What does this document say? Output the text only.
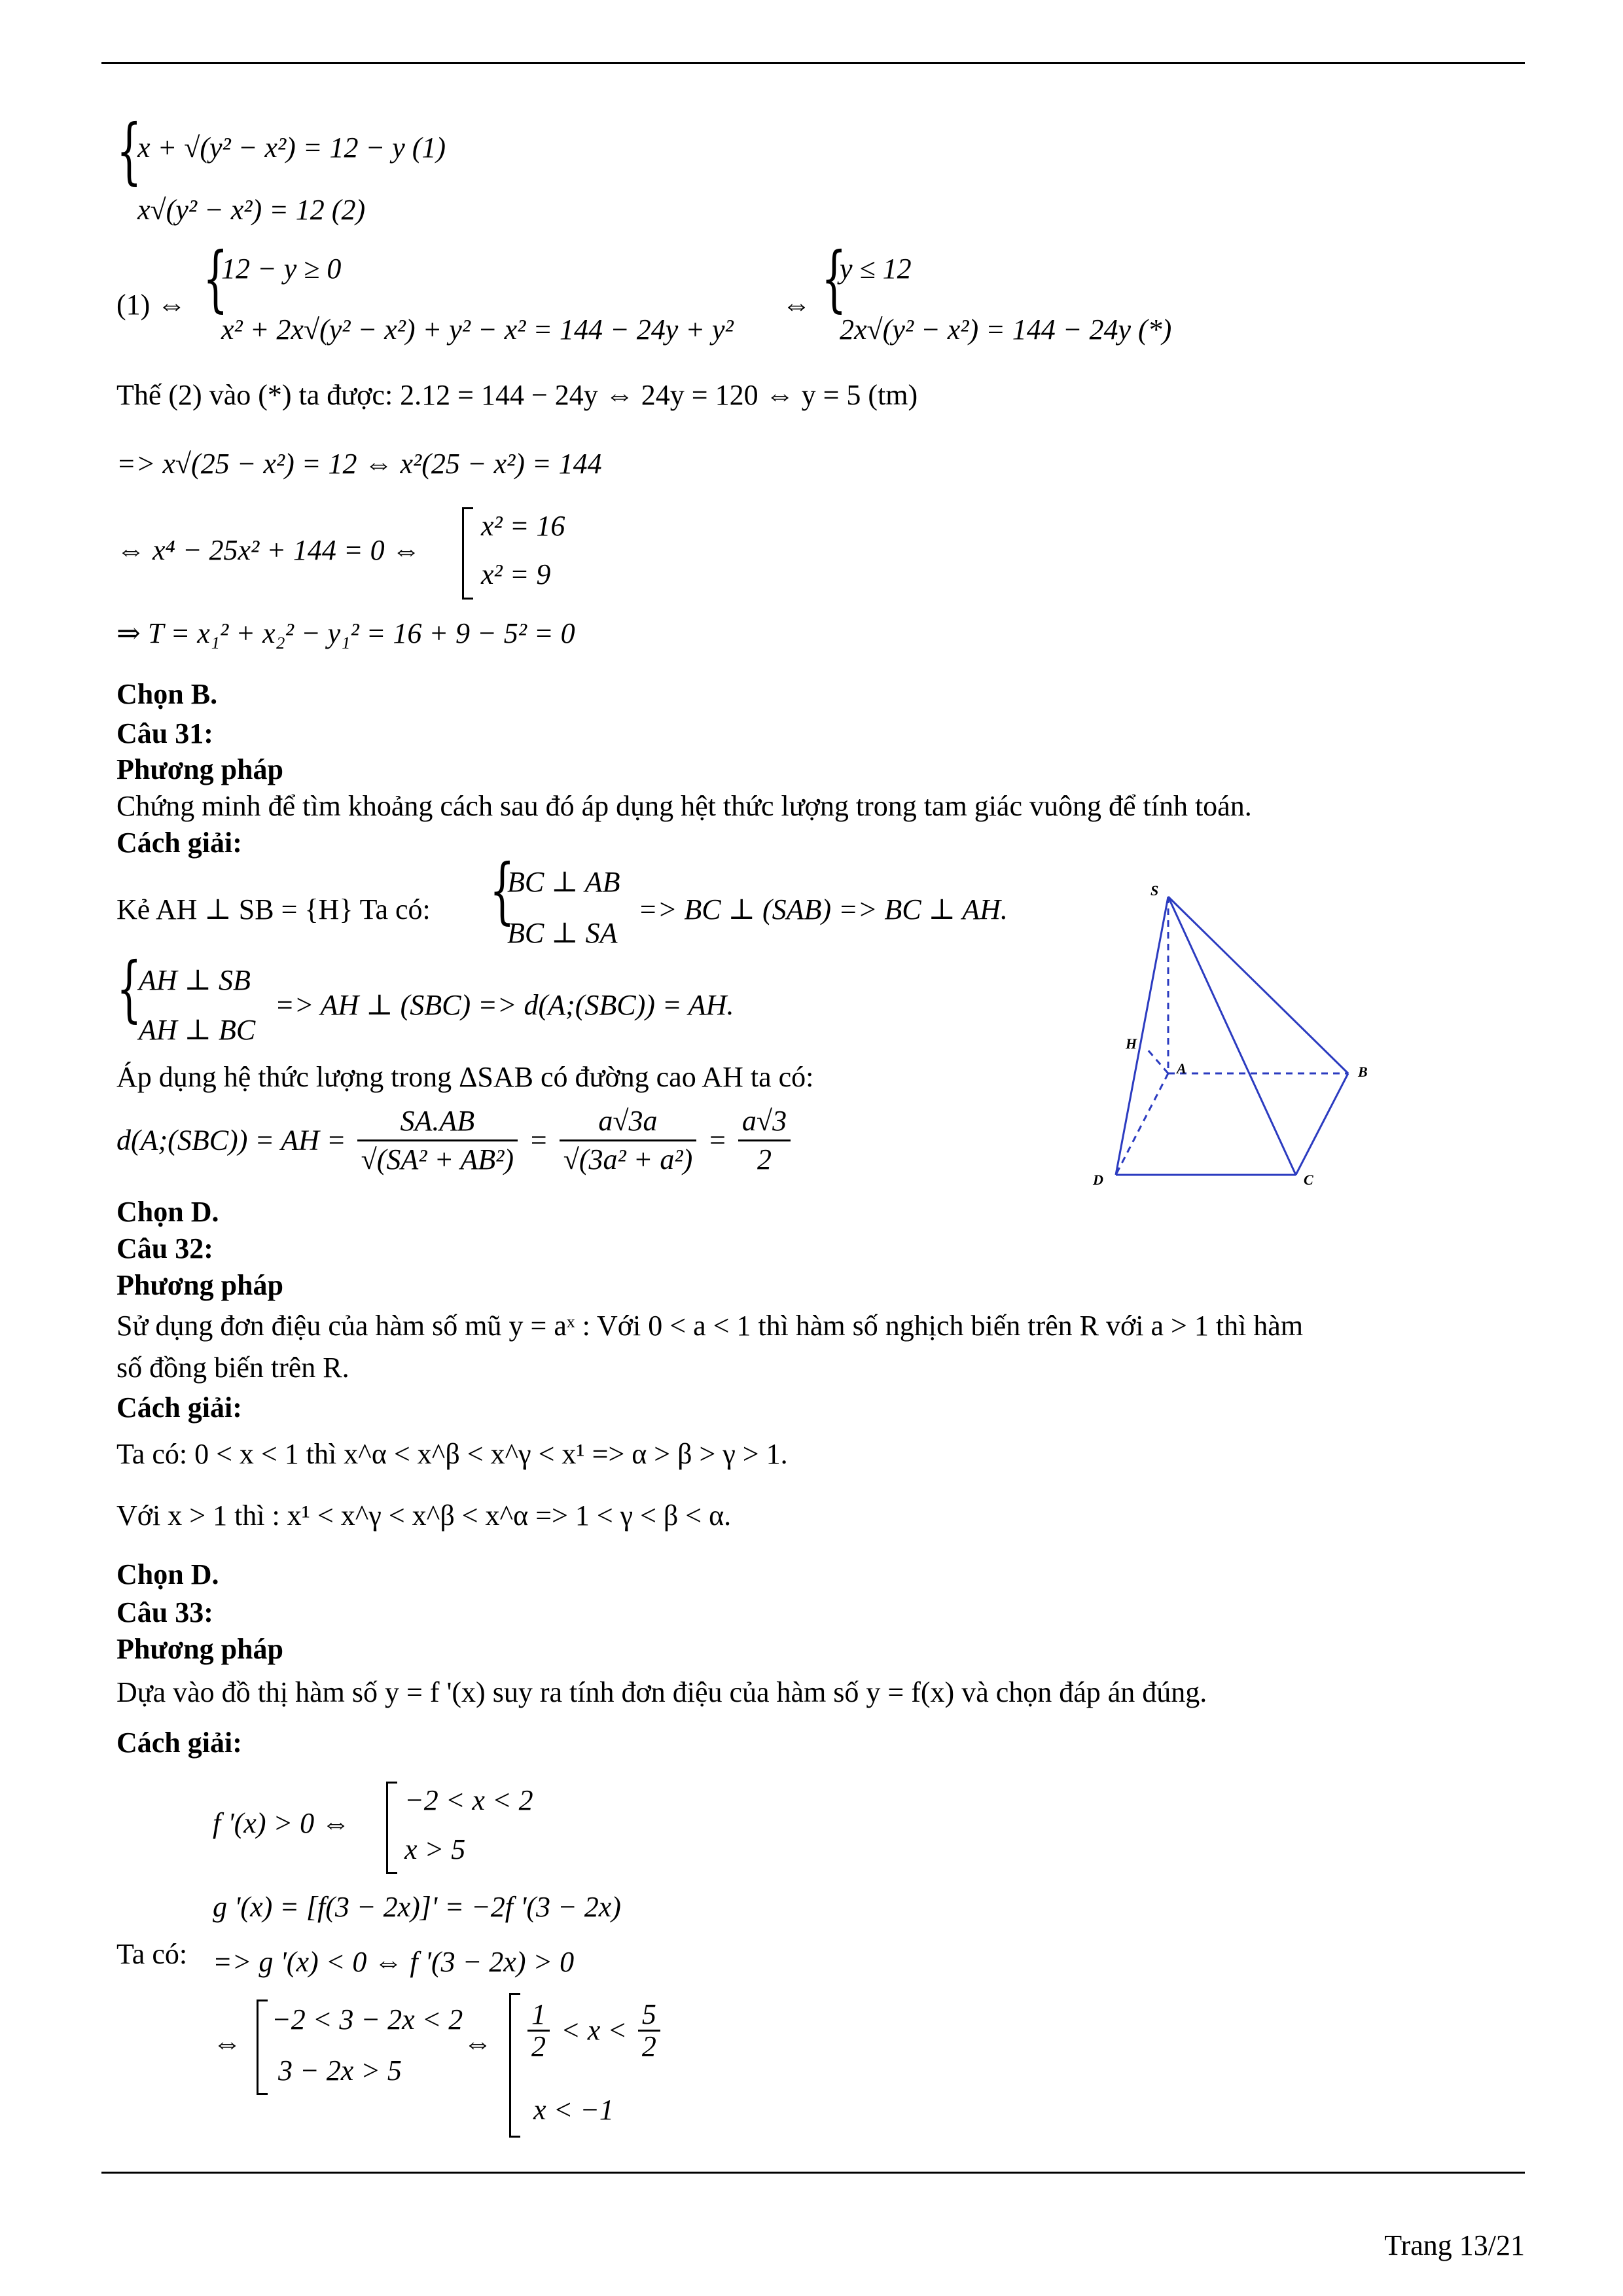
{
x + √(y² − x²) = 12 − y (1)
x√(y² − x²) = 12 (2)
(1) ⇔ {
12 − y ≥ 0
x² + 2x√(y² − x²) + y² − x² = 144 − 24y + y²
⇔ {
y ≤ 12
2x√(y² − x²) = 144 − 24y (*)
Thế (2) vào (*) ta được: 2.12 = 144 − 24y ⇔ 24y = 120 ⇔ y = 5 (tm)
=> x√(25 − x²) = 12 ⇔ x²(25 − x²) = 144
⇔ x⁴ − 25x² + 144 = 0 ⇔
x² = 16
x² = 9
⇒ T = x₁² + x₂² − y₁² = 16 + 9 − 5² = 0
Chọn B.
Câu 31:
Phương pháp
Chứng minh để tìm khoảng cách sau đó áp dụng hệt thức lượng trong tam giác vuông để tính toán.
Cách giải:
Kẻ AH ⊥ SB = {H} Ta có: {
BC ⊥ AB
BC ⊥ SA
=> BC ⊥ (SAB) => BC ⊥ AH.
{
AH ⊥ SB
AH ⊥ BC
=> AH ⊥ (SBC) => d(A;(SBC)) = AH.
Áp dụng hệ thức lượng trong ΔSAB có đường cao AH ta có:
d(A;(SBC)) = AH = $\frac{SA.AB}{\text{√(SA² + AB²)}} = \frac{a√3a}{\text{√(3a² + a²)}} = \frac{a√3}{2}$
S
H
A	B
C
D
Chọn D.
Câu 32:
Phương pháp
Sử dụng đơn điệu của hàm số mũ y = aˣ : Với 0 < a < 1 thì hàm số nghịch biến trên R với a > 1 thì hàm
số đồng biến trên R.
Cách giải:
Ta có: 0 < x < 1 thì x^α < x^β < x^γ < x¹ => α > β > γ > 1.
Với x > 1 thì : x¹ < x^γ < x^β < x^α => 1 < γ < β < α.
Chọn D.
Câu 33:
Phương pháp
Dựa vào đồ thị hàm số y = f '(x) suy ra tính đơn điệu của hàm số y = f(x) và chọn đáp án đúng.
Cách giải:
f '(x) > 0 ⇔
−2 < x < 2
x > 5
g '(x) = [f(3 − 2x)]' = −2f '(3 − 2x)
Ta có: => g '(x) < 0 ⇔ f '(3 − 2x) > 0
⇔
−2 < 3 − 2x < 2
3 − 2x > 5
⇔ $\frac{1}{2} < x < \frac{5}{2}$
x < −1
Trang 13/21
